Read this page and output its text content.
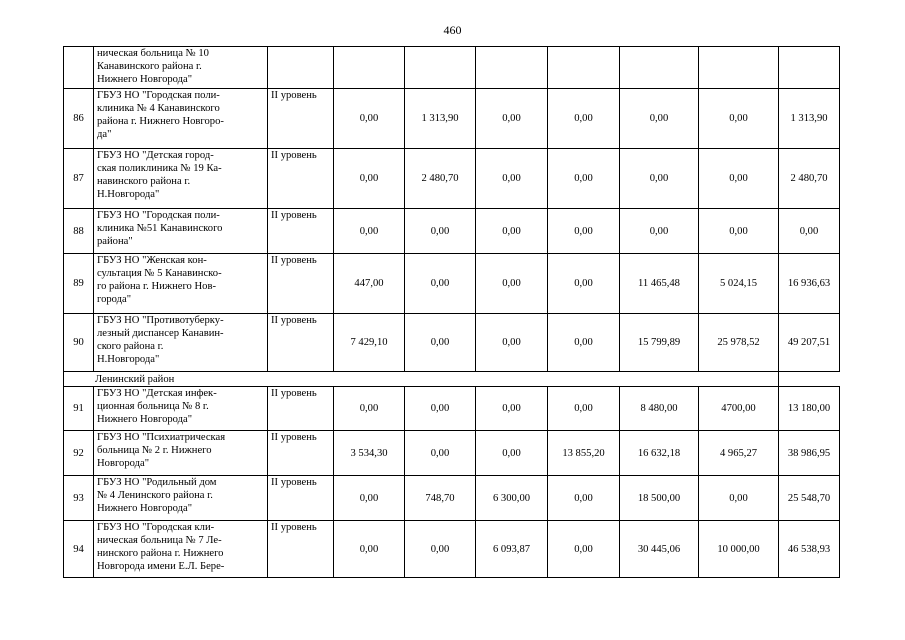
460
	ническая больница № 10
Канавинского района г.
Нижнего Новгорода"								
86	ГБУЗ НО "Городская поли-
клиника № 4 Канавинского
района г. Нижнего Новгоро-
да"	II уровень	0,00	1 313,90	0,00	0,00	0,00	0,00	1 313,90
87	ГБУЗ НО "Детская город-
ская поликлиника № 19 Ка-
навинского района г.
Н.Новгорода"	II уровень	0,00	2 480,70	0,00	0,00	0,00	0,00	2 480,70
88	ГБУЗ НО "Городская поли-
клиника №51 Канавинского
района"	II уровень	0,00	0,00	0,00	0,00	0,00	0,00	0,00
89	ГБУЗ НО "Женская кон-
сультация № 5 Канавинско-
го района г. Нижнего Нов-
города"	II уровень	447,00	0,00	0,00	0,00	11 465,48	5 024,15	16 936,63
90	ГБУЗ НО "Противотуберку-
лезный диспансер Канавин-
ского района г.
Н.Новгорода"	II уровень	7 429,10	0,00	0,00	0,00	15 799,89	25 978,52	49 207,51
Ленинский район									
91	ГБУЗ НО "Детская инфек-
ционная больница № 8 г.
Нижнего Новгорода"	II уровень	0,00	0,00	0,00	0,00	8 480,00	4700,00	13 180,00
92	ГБУЗ НО "Психиатрическая
больница № 2 г. Нижнего
Новгорода"	II уровень	3 534,30	0,00	0,00	13 855,20	16 632,18	4 965,27	38 986,95
93	ГБУЗ НО "Родильный дом
№ 4 Ленинского района г.
Нижнего Новгорода"	II уровень	0,00	748,70	6 300,00	0,00	18 500,00	0,00	25 548,70
94	ГБУЗ НО "Городская кли-
ническая больница № 7 Ле-
нинского района г. Нижнего
Новгорода имени Е.Л. Бере-	II уровень	0,00	0,00	6 093,87	0,00	30 445,06	10 000,00	46 538,93
